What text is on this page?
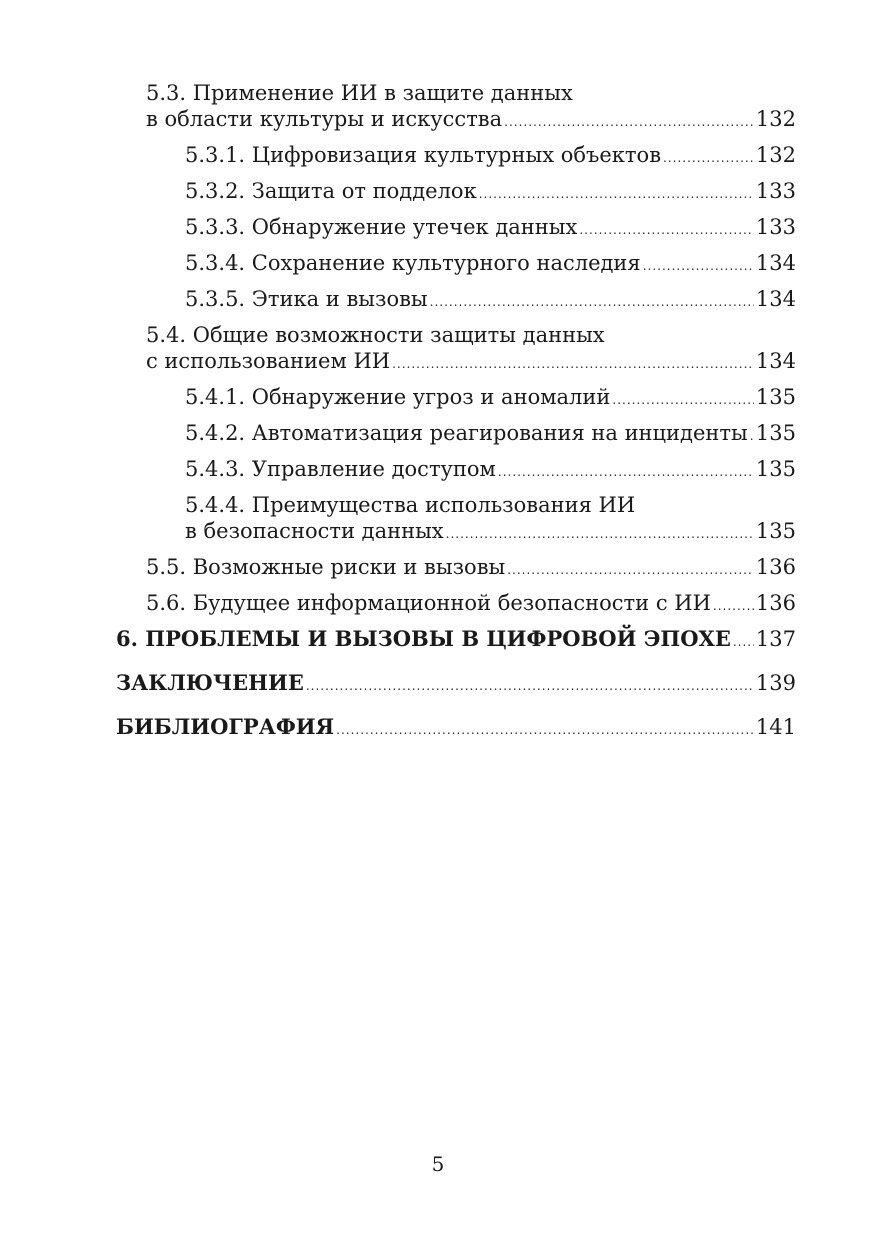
5.3. Применение ИИ в защите данных
в области культуры и искусства .....	132
5.3.1. Цифровизация культурных объектов .....	132
5.3.2. Защита от подделок .....	133
5.3.3. Обнаружение утечек данных .....	133
5.3.4. Сохранение культурного наследия .....	134
5.3.5. Этика и вызовы .....	134
5.4. Общие возможности защиты данных
с использованием ИИ .....	134
5.4.1. Обнаружение угроз и аномалий .....	135
5.4.2. Автоматизация реагирования на инциденты ..... 135
5.4.3. Управление доступом .....	135
5.4.4. Преимущества использования ИИ
в безопасности данных .....	135
5.5. Возможные риски и вызовы .....	136
5.6. Будущее информационной безопасности с ИИ ..... 136
6. ПРОБЛЕМЫ И ВЫЗОВЫ В ЦИФРОВОЙ ЭПОХЕ ..... 137
ЗАКЛЮЧЕНИЕ .....	139
БИБЛИОГРАФИЯ .....	141
5
